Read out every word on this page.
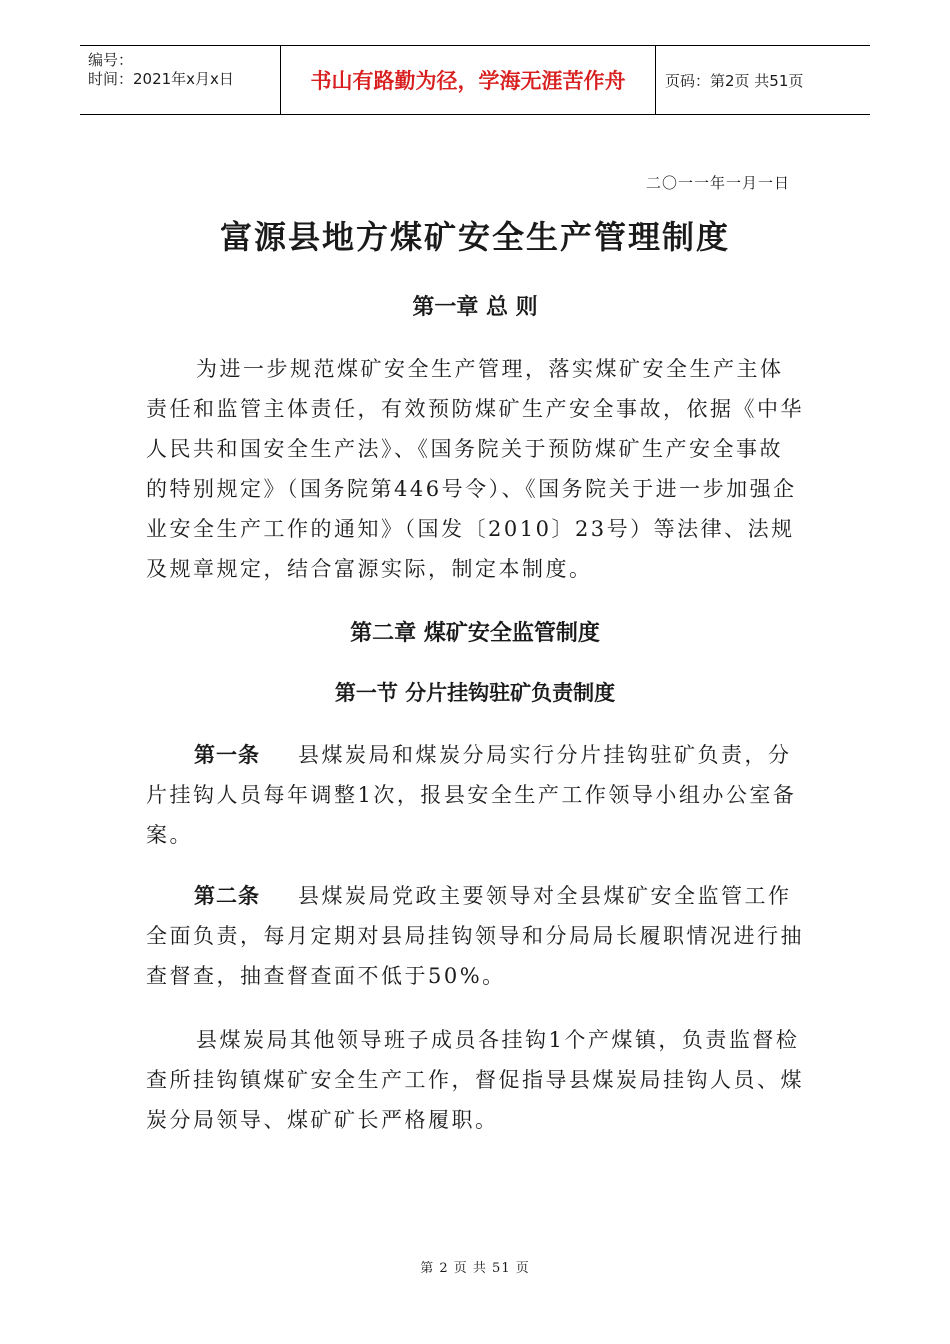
编号：
时间：2021年x月x日	书山有路勤为径，学海无涯苦作舟	页码：第2页 共51页
二〇一一年一月一日
富源县地方煤矿安全生产管理制度
第一章 总 则

为进一步规范煤矿安全生产管理，落实煤矿安全生产主体责任和监管主体责任，有效预防煤矿生产安全事故，依据《中华人民共和国安全生产法》、《国务院关于预防煤矿生产安全事故的特别规定》（国务院第446号令）、《国务院关于进一步加强企业安全生产工作的通知》（国发〔2010〕23号）等法律、法规及规章规定，结合富源实际，制定本制度。

第二章 煤矿安全监管制度
第一节 分片挂钩驻矿负责制度

第一条 县煤炭局和煤炭分局实行分片挂钩驻矿负责，分片挂钩人员每年调整1次，报县安全生产工作领导小组办公室备案。

第二条 县煤炭局党政主要领导对全县煤矿安全监管工作全面负责，每月定期对县局挂钩领导和分局局长履职情况进行抽查督查，抽查督查面不低于50%。

县煤炭局其他领导班子成员各挂钩1个产煤镇，负责监督检查所挂钩镇煤矿安全生产工作，督促指导县煤炭局挂钩人员、煤炭分局领导、煤矿矿长严格履职。

第 2 页 共 51 页
